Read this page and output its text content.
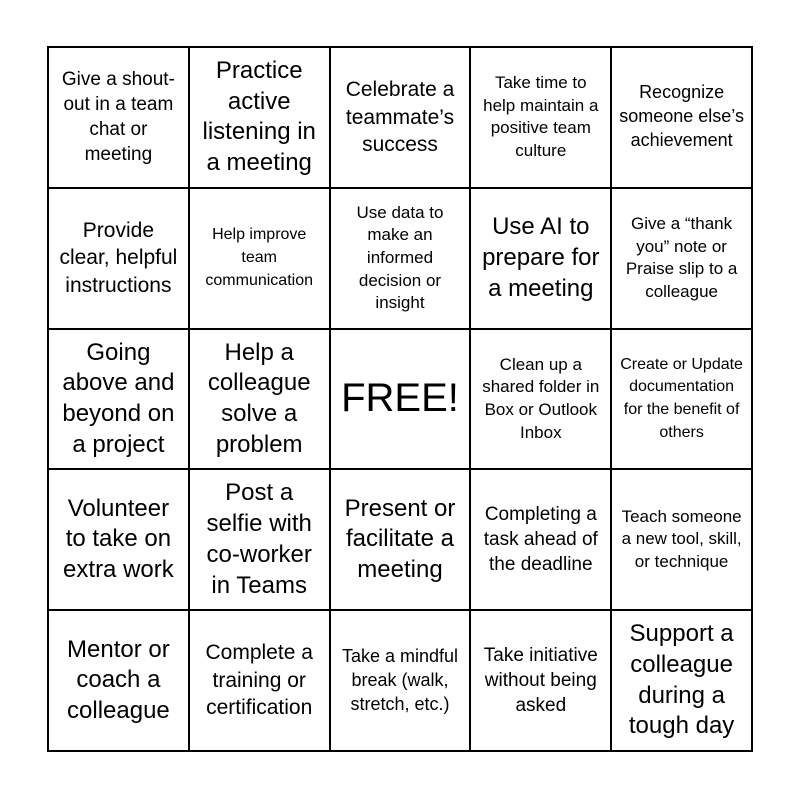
Give a shout-out in a team chat or meeting
Practice active listening in a meeting
Celebrate a teammate’s success
Take time to help maintain a positive team culture
Recognize someone else’s achievement
Provide clear, helpful instructions
Help improve team communication
Use data to make an informed decision or insight
Use AI to prepare for a meeting
Give a “thank you” note or Praise slip to a colleague
Going above and beyond on a project
Help a colleague solve a problem
FREE!
Clean up a shared folder in Box or Outlook Inbox
Create or Update documentation for the benefit of others
Volunteer to take on extra work
Post a selfie with co-worker in Teams
Present or facilitate a meeting
Completing a task ahead of the deadline
Teach someone a new tool, skill, or technique
Mentor or coach a colleague
Complete a training or certification
Take a mindful break (walk, stretch, etc.)
Take initiative without being asked
Support a colleague during a tough day
